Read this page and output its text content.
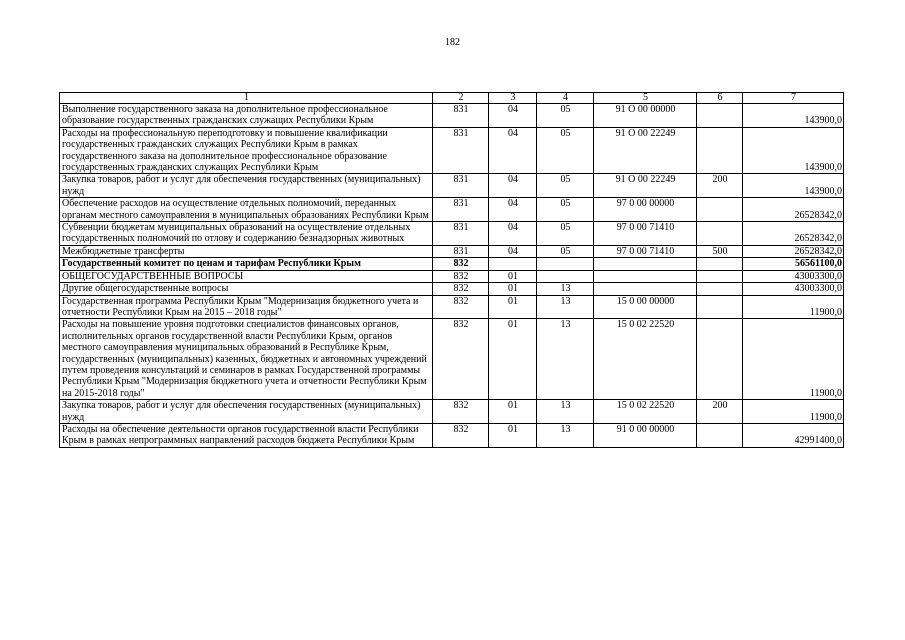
182
1	2	3	4	5	6	7
Выполнение государственного заказа на дополнительное профессиональное образование государственных гражданских служащих Республики Крым	831	04	05	91 О 00 00000		143900,0
Расходы на профессиональную переподготовку и повышение квалификации государственных гражданских служащих Республики Крым в рамках государственного заказа на дополнительное профессиональное образование государственных гражданских служащих Республики Крым	831	04	05	91 О 00 22249		143900,0
Закупка товаров, работ и услуг для обеспечения государственных (муниципальных) нужд	831	04	05	91 О 00 22249	200	143900,0
Обеспечение расходов на осуществление отдельных полномочий, переданных органам местного самоуправления в муниципальных образованиях Республики Крым	831	04	05	97 0 00 00000		26528342,0
Субвенции бюджетам муниципальных образований на осуществление отдельных государственных полномочий по отлову и содержанию безнадзорных животных	831	04	05	97 0 00 71410		26528342,0
Межбюджетные трансферты	831	04	05	97 0 00 71410	500	26528342,0
Государственный комитет по ценам и тарифам Республики Крым	832					56561100,0
ОБЩЕГОСУДАРСТВЕННЫЕ ВОПРОСЫ	832	01				43003300,0
Другие общегосударственные вопросы	832	01	13			43003300,0
Государственная программа Республики Крым "Модернизация бюджетного учета и отчетности Республики Крым на 2015 – 2018 годы"	832	01	13	15 0 00 00000		11900,0
Расходы на повышение уровня подготовки специалистов финансовых органов, исполнительных органов государственной власти Республики Крым, органов местного самоуправления муниципальных образований в Республике Крым, государственных (муниципальных) казенных, бюджетных и автономных учреждений путем проведения консультаций и семинаров в рамках Государственной программы Республики Крым "Модернизация бюджетного учета и отчетности Республики Крым на 2015-2018 годы"	832	01	13	15 0 02 22520		11900,0
Закупка товаров, работ и услуг для обеспечения государственных (муниципальных) нужд	832	01	13	15 0 02 22520	200	11900,0
Расходы на обеспечение деятельности органов государственной власти Республики Крым в рамках непрограммных направлений расходов бюджета Республики Крым	832	01	13	91 0 00 00000		42991400,0
